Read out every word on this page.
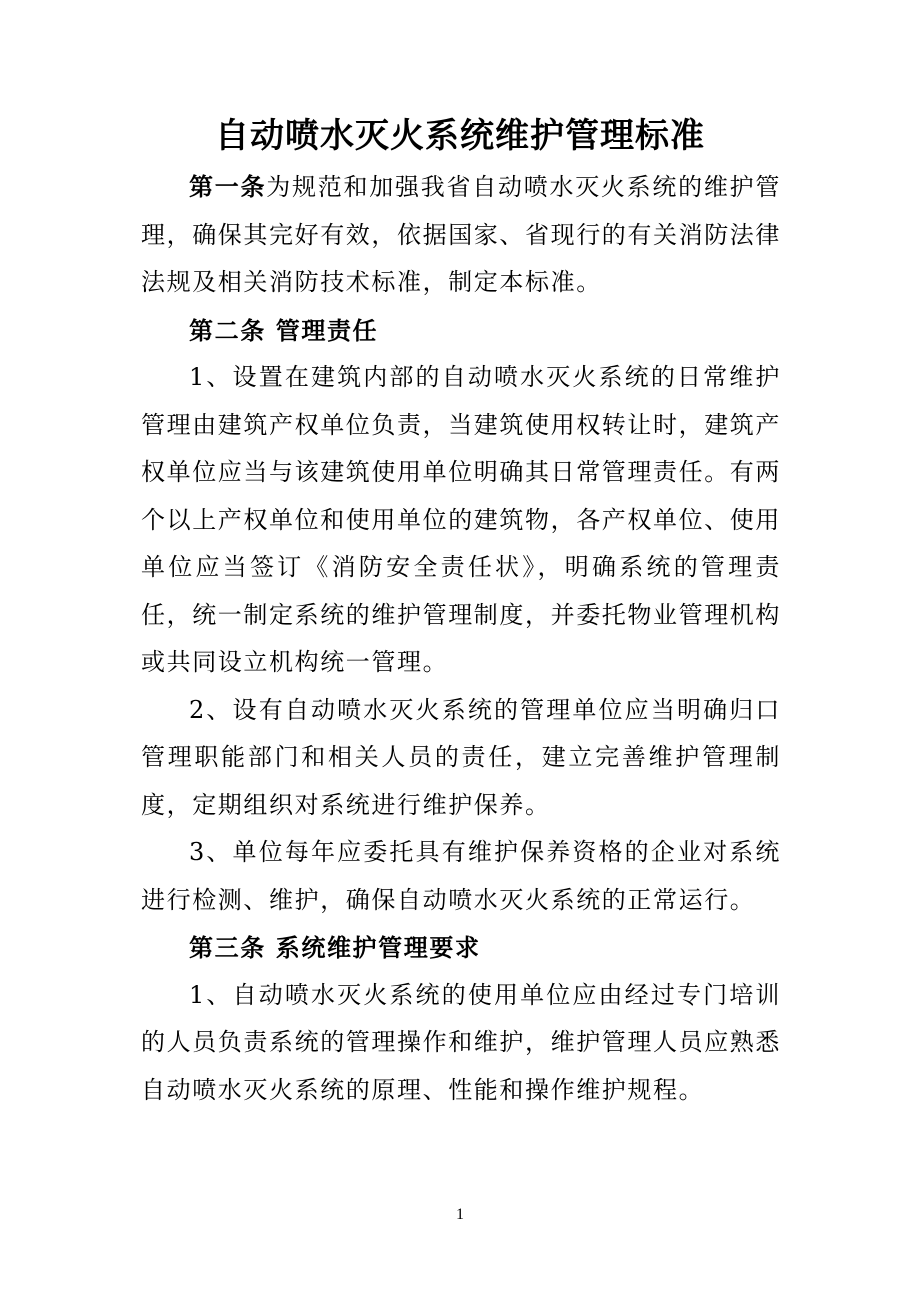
自动喷水灭火系统维护管理标准

第一条为规范和加强我省自动喷水灭火系统的维护管理，确保其完好有效，依据国家、省现行的有关消防法律法规及相关消防技术标准，制定本标准。

第二条 管理责任

1、设置在建筑内部的自动喷水灭火系统的日常维护管理由建筑产权单位负责，当建筑使用权转让时，建筑产权单位应当与该建筑使用单位明确其日常管理责任。有两个以上产权单位和使用单位的建筑物，各产权单位、使用单位应当签订《消防安全责任状》，明确系统的管理责任，统一制定系统的维护管理制度，并委托物业管理机构或共同设立机构统一管理。

2、设有自动喷水灭火系统的管理单位应当明确归口管理职能部门和相关人员的责任，建立完善维护管理制度，定期组织对系统进行维护保养。

3、单位每年应委托具有维护保养资格的企业对系统进行检测、维护，确保自动喷水灭火系统的正常运行。

第三条 系统维护管理要求

1、自动喷水灭火系统的使用单位应由经过专门培训的人员负责系统的管理操作和维护，维护管理人员应熟悉自动喷水灭火系统的原理、性能和操作维护规程。

1
